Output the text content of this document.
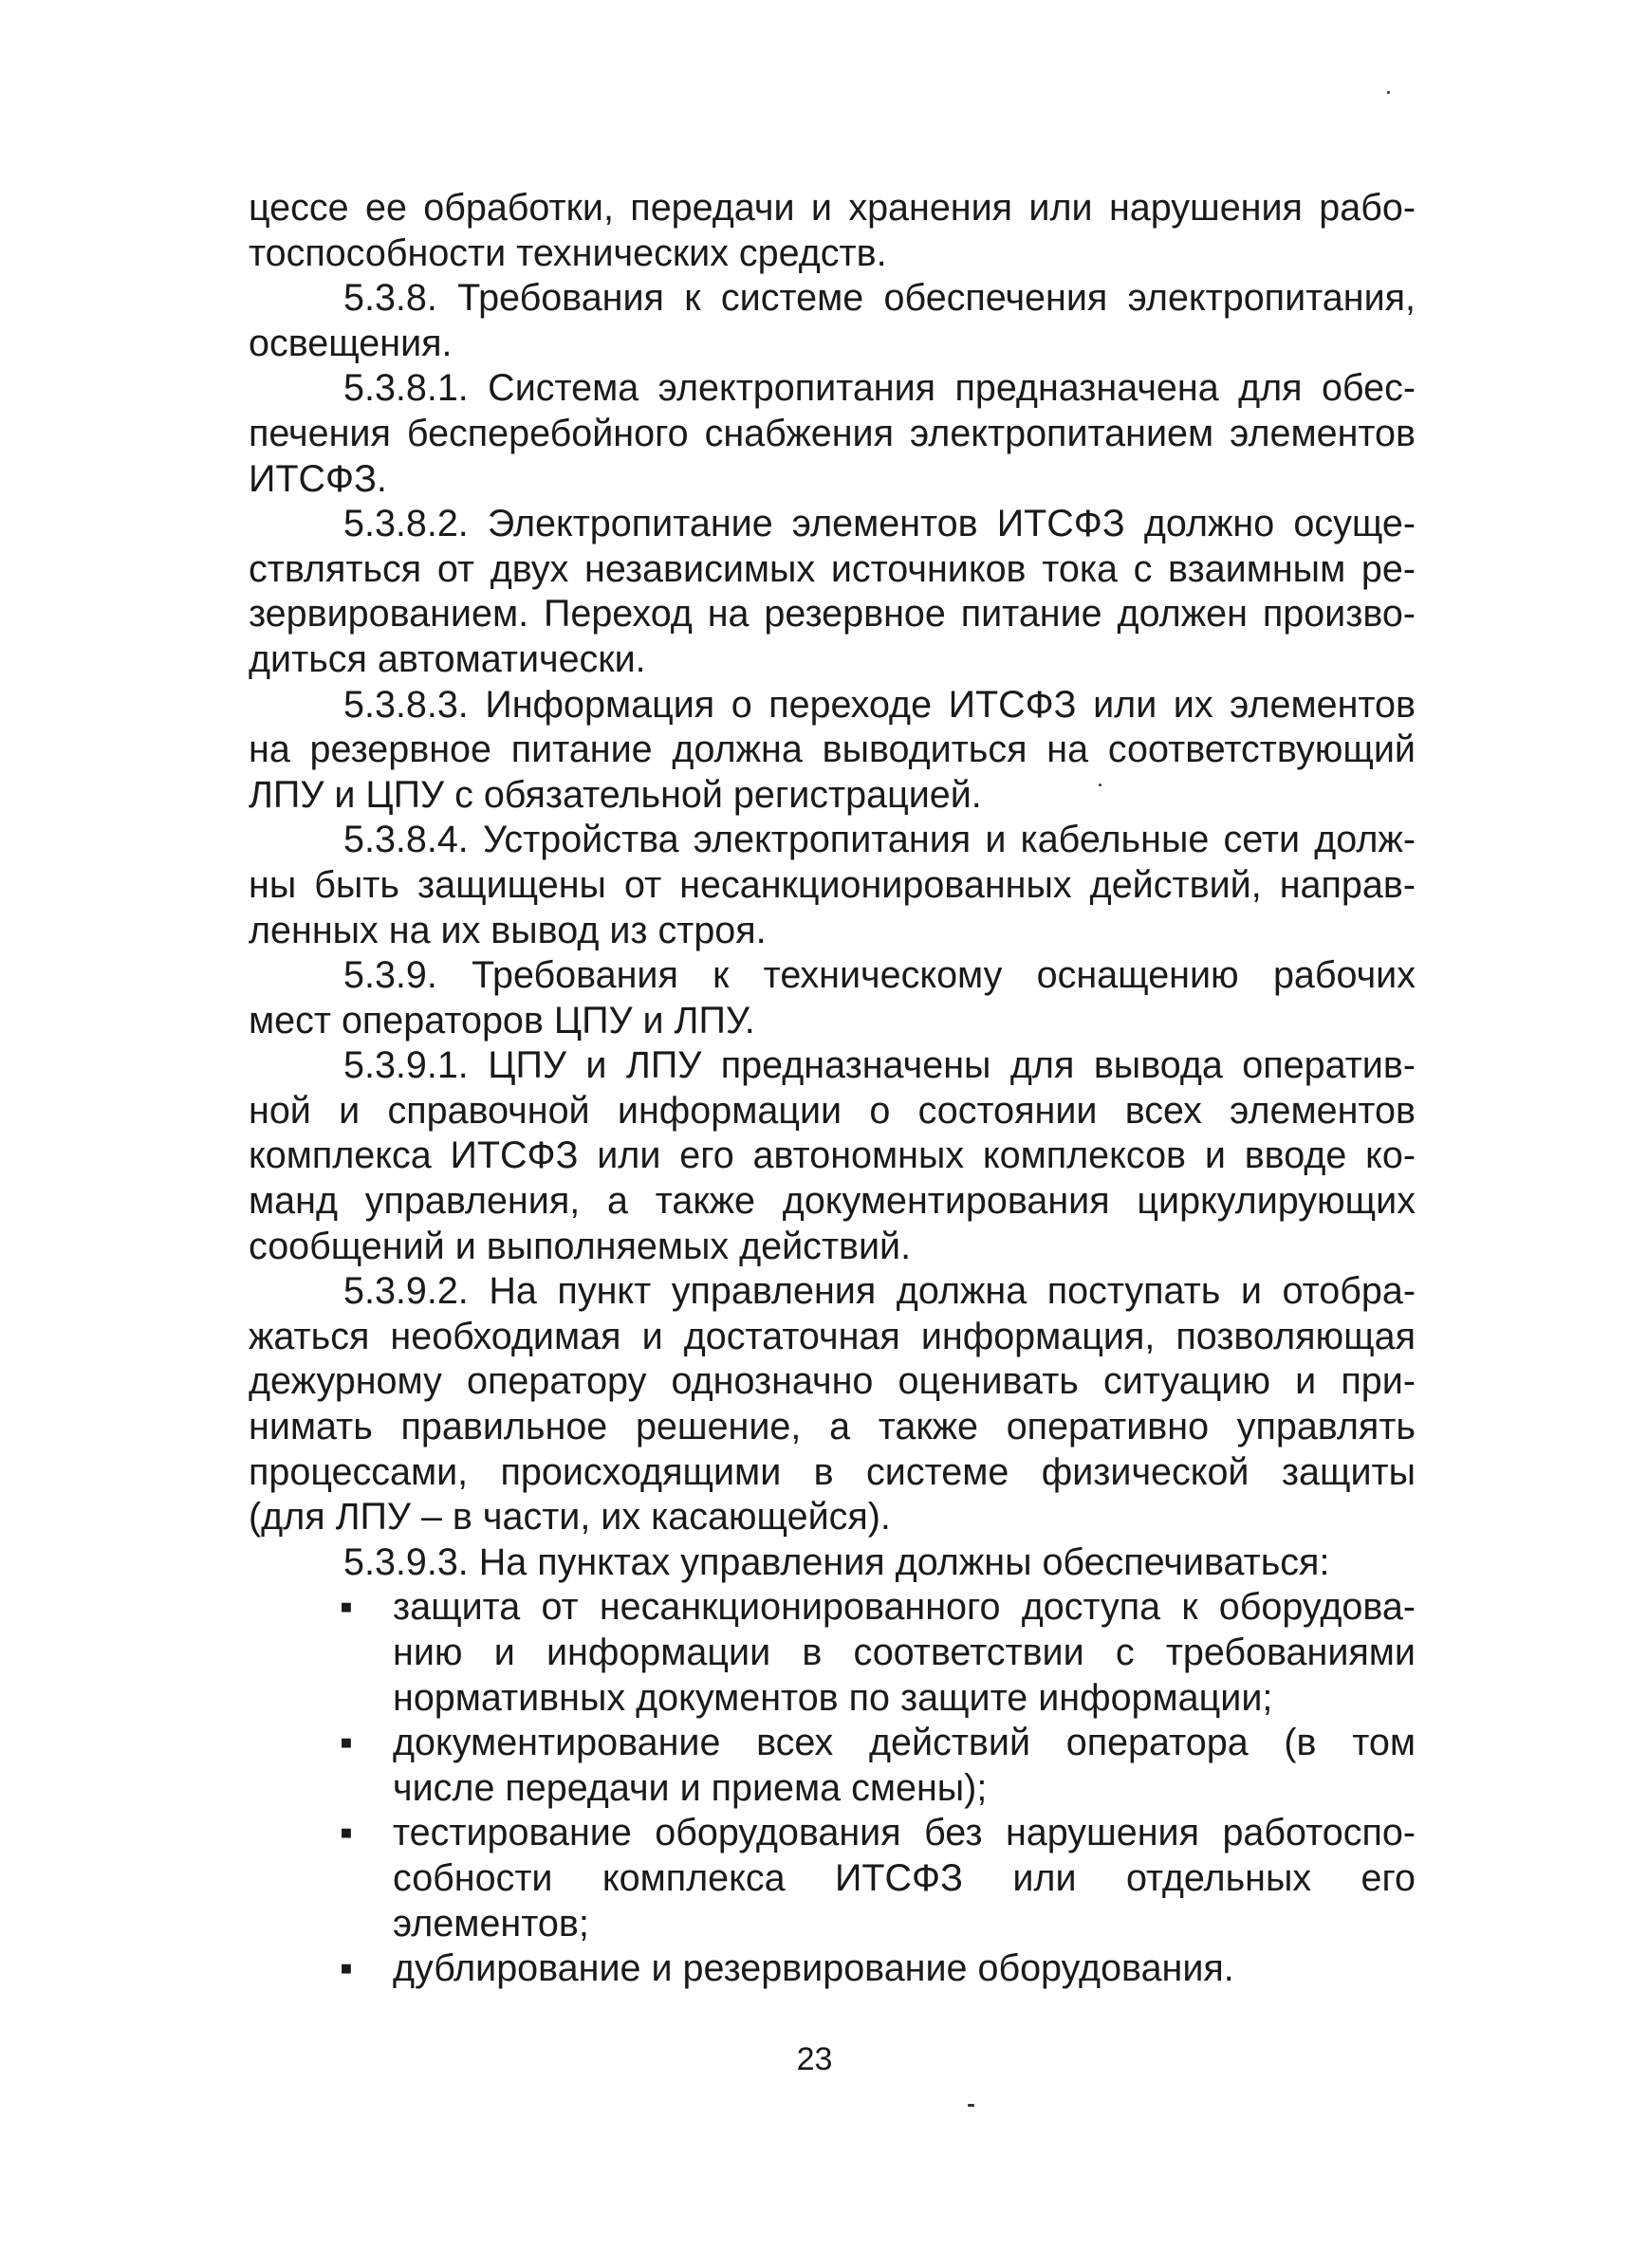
цессе ее обработки, передачи и хранения или нарушения рабо-
тоспособности технических средств.
5.3.8. Требования к системе обеспечения электропитания,
освещения.
5.3.8.1. Система электропитания предназначена для обес-
печения бесперебойного снабжения электропитанием элементов
ИТСФЗ.
5.3.8.2. Электропитание элементов ИТСФЗ должно осуще-
ствляться от двух независимых источников тока с взаимным ре-
зервированием. Переход на резервное питание должен произво-
диться автоматически.
5.3.8.3. Информация о переходе ИТСФЗ или их элементов
на резервное питание должна выводиться на соответствующий
ЛПУ и ЦПУ с обязательной регистрацией.
5.3.8.4. Устройства электропитания и кабельные сети долж-
ны быть защищены от несанкционированных действий, направ-
ленных на их вывод из строя.
5.3.9. Требования к техническому оснащению рабочих
мест операторов ЦПУ и ЛПУ.
5.3.9.1. ЦПУ и ЛПУ предназначены для вывода оператив-
ной и справочной информации о состоянии всех элементов
комплекса ИТСФЗ или его автономных комплексов и вводе ко-
манд управления, а также документирования циркулирующих
сообщений и выполняемых действий.
5.3.9.2. На пункт управления должна поступать и отобра-
жаться необходимая и достаточная информация, позволяющая
дежурному оператору однозначно оценивать ситуацию и при-
нимать правильное решение, а также оперативно управлять
процессами, происходящими в системе физической защиты
(для ЛПУ – в части, их касающейся).
5.3.9.3. На пунктах управления должны обеспечиваться:
▪	защита от несанкционированного доступа к оборудова-
нию и информации в соответствии с требованиями
нормативных документов по защите информации;
▪	документирование всех действий оператора (в том
числе передачи и приема смены);
▪	тестирование оборудования без нарушения работоспо-
собности комплекса ИТСФЗ или отдельных его
элементов;
▪	дублирование и резервирование оборудования.
23
